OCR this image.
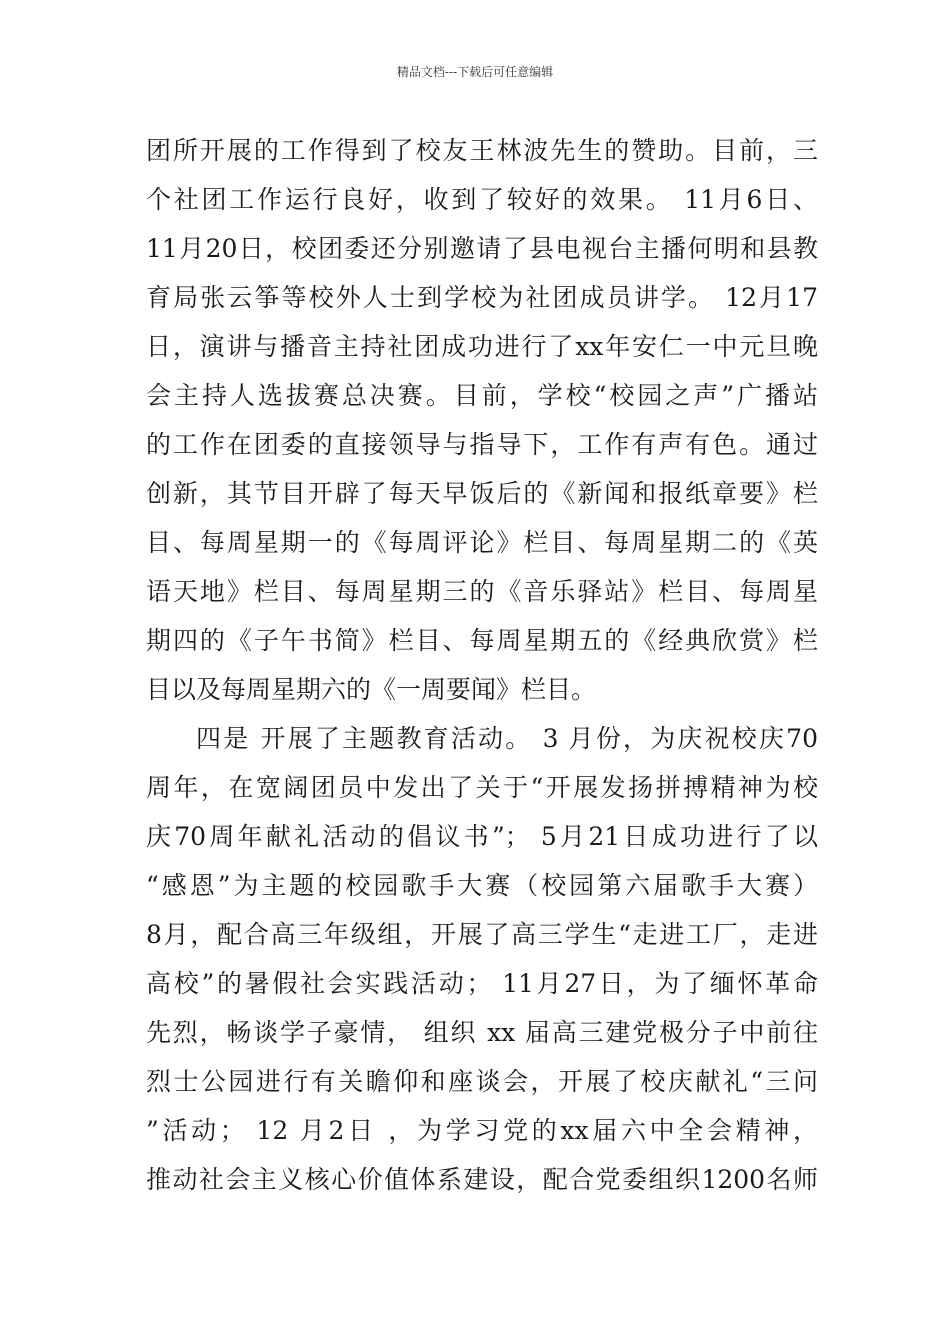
精品文档---下载后可任意编辑
团所开展的工作得到了校友王林波先生的赞助。目前，三
个社团工作运行良好，收到了较好的效果。 11月6日、
11月20日，校团委还分别邀请了县电视台主播何明和县教
育局张云筝等校外人士到学校为社团成员讲学。 12月17
日，演讲与播音主持社团成功进行了xx年安仁一中元旦晚
会主持人选拔赛总决赛。目前，学校“校园之声”广播站
的工作在团委的直接领导与指导下，工作有声有色。通过
创新，其节目开辟了每天早饭后的《新闻和报纸章要》栏
目、每周星期一的《每周评论》栏目、每周星期二的《英
语天地》栏目、每周星期三的《音乐驿站》栏目、每周星
期四的《子午书简》栏目、每周星期五的《经典欣赏》栏
目以及每周星期六的《一周要闻》栏目。
四是 开展了主题教育活动。 3 月份，为庆祝校庆70
周年，在宽阔团员中发出了关于“开展发扬拼搏精神为校
庆70周年献礼活动的倡议书”； 5月21日成功进行了以
“感恩”为主题的校园歌手大赛（校园第六届歌手大赛）
8月，配合高三年级组，开展了高三学生“走进工厂，走进
高校”的暑假社会实践活动； 11月27日，为了缅怀革命
先烈，畅谈学子豪情， 组织 xx 届高三建党极分子中前往
烈士公园进行有关瞻仰和座谈会，开展了校庆献礼“三问
”活动； 12 月2日 ，为学习党的xx届六中全会精神，
推动社会主义核心价值体系建设，配合党委组织1200名师
